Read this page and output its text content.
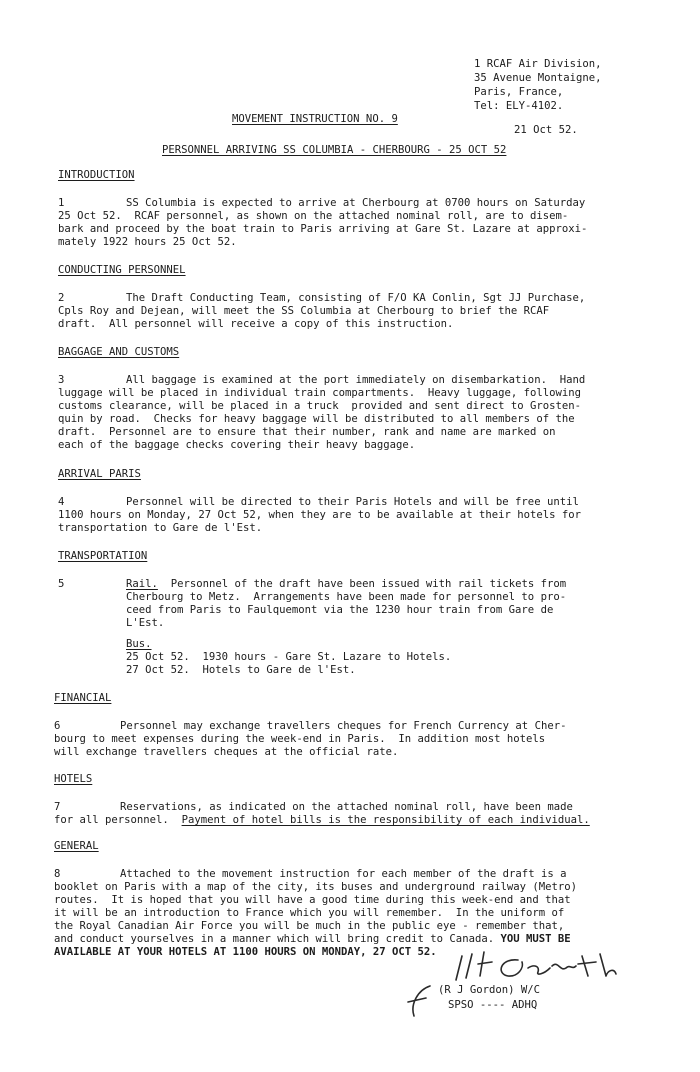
1 RCAF Air Division,
35 Avenue Montaigne,
Paris, France,
Tel: ELY-4102.
MOVEMENT INSTRUCTION NO. 9
21 Oct 52.
PERSONNEL ARRIVING SS COLUMBIA - CHERBOURG - 25 OCT 52
INTRODUCTION
1	SS Columbia is expected to arrive at Cherbourg at 0700 hours on Saturday
25 Oct 52.  RCAF personnel, as shown on the attached nominal roll, are to disem-
bark and proceed by the boat train to Paris arriving at Gare St. Lazare at approxi-
mately 1922 hours 25 Oct 52.
CONDUCTING PERSONNEL
2	The Draft Conducting Team, consisting of F/O KA Conlin, Sgt JJ Purchase,
Cpls Roy and Dejean, will meet the SS Columbia at Cherbourg to brief the RCAF
draft.  All personnel will receive a copy of this instruction.
BAGGAGE AND CUSTOMS
3	All baggage is examined at the port immediately on disembarkation.  Hand
luggage will be placed in individual train compartments.  Heavy luggage, following
customs clearance, will be placed in a truck  provided and sent direct to Grosten-
quin by road.  Checks for heavy baggage will be distributed to all members of the
draft.  Personnel are to ensure that their number, rank and name are marked on
each of the baggage checks covering their heavy baggage.
ARRIVAL PARIS
4	Personnel will be directed to their Paris Hotels and will be free until
1100 hours on Monday, 27 Oct 52, when they are to be available at their hotels for
transportation to Gare de l'Est.
TRANSPORTATION
5	Rail. Personnel of the draft have been issued with rail tickets from
Cherbourg to Metz.  Arrangements have been made for personnel to pro-
ceed from Paris to Faulquemont via the 1230 hour train from Gare de
L'Est.
Bus.
25 Oct 52.  1930 hours - Gare St. Lazare to Hotels.
27 Oct 52.  Hotels to Gare de l'Est.
FINANCIAL
6	Personnel may exchange travellers cheques for French Currency at Cher-
bourg to meet expenses during the week-end in Paris.  In addition most hotels
will exchange travellers cheques at the official rate.
HOTELS
7	Reservations, as indicated on the attached nominal roll, have been made
for all personnel.  Payment of hotel bills is the responsibility of each individual.
GENERAL
8	Attached to the movement instruction for each member of the draft is a
booklet on Paris with a map of the city, its buses and underground railway (Metro)
routes.  It is hoped that you will have a good time during this week-end and that
it will be an introduction to France which you will remember.  In the uniform of
the Royal Canadian Air Force you will be much in the public eye - remember that,
and conduct yourselves in a manner which will bring credit to Canada. YOU MUST BE
AVAILABLE AT YOUR HOTELS AT 1100 HOURS ON MONDAY, 27 OCT 52.
(R J Gordon) W/C
SPSO ---- ADHQ
